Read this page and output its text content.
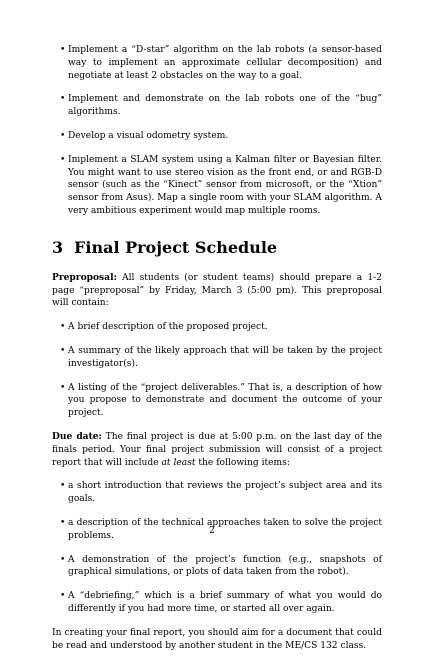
• Implement a “D-star” algorithm on the lab robots (a sensor-based way to implement an approximate cellular decomposition) and negotiate at least 2 obstacles on the way to a goal.
• Implement and demonstrate on the lab robots one of the “bug” algorithms.
• Develop a visual odometry system.
• Implement a SLAM system using a Kalman filter or Bayesian filter. You might want to use stereo vision as the front end, or and RGB-D sensor (such as the “Kinect” sensor from microsoft, or the “Xtion” sensor from Asus). Map a single room with your SLAM algorithm. A very ambitious experiment would map multiple rooms.
3 Final Project Schedule

Preproposal: All students (or student teams) should prepare a 1-2 page “preproposal” by Friday, March 3 (5:00 pm). This preproposal will contain:

• A brief description of the proposed project.
• A summary of the likely approach that will be taken by the project investigator(s).
• A listing of the “project deliverables.” That is, a description of how you propose to demonstrate and document the outcome of your project.

Due date: The final project is due at 5:00 p.m. on the last day of the finals period. Your final project submission will consist of a project report that will include at least the following items:

• a short introduction that reviews the project’s subject area and its goals.
• a description of the technical approaches taken to solve the project problems.
• A demonstration of the project’s function (e.g., snapshots of graphical simulations, or plots of data taken from the robot).
• A “debriefing,” which is a brief summary of what you would do differently if you had more time, or started all over again.

In creating your final report, you should aim for a document that could be read and understood by another student in the ME/CS 132 class.

2
